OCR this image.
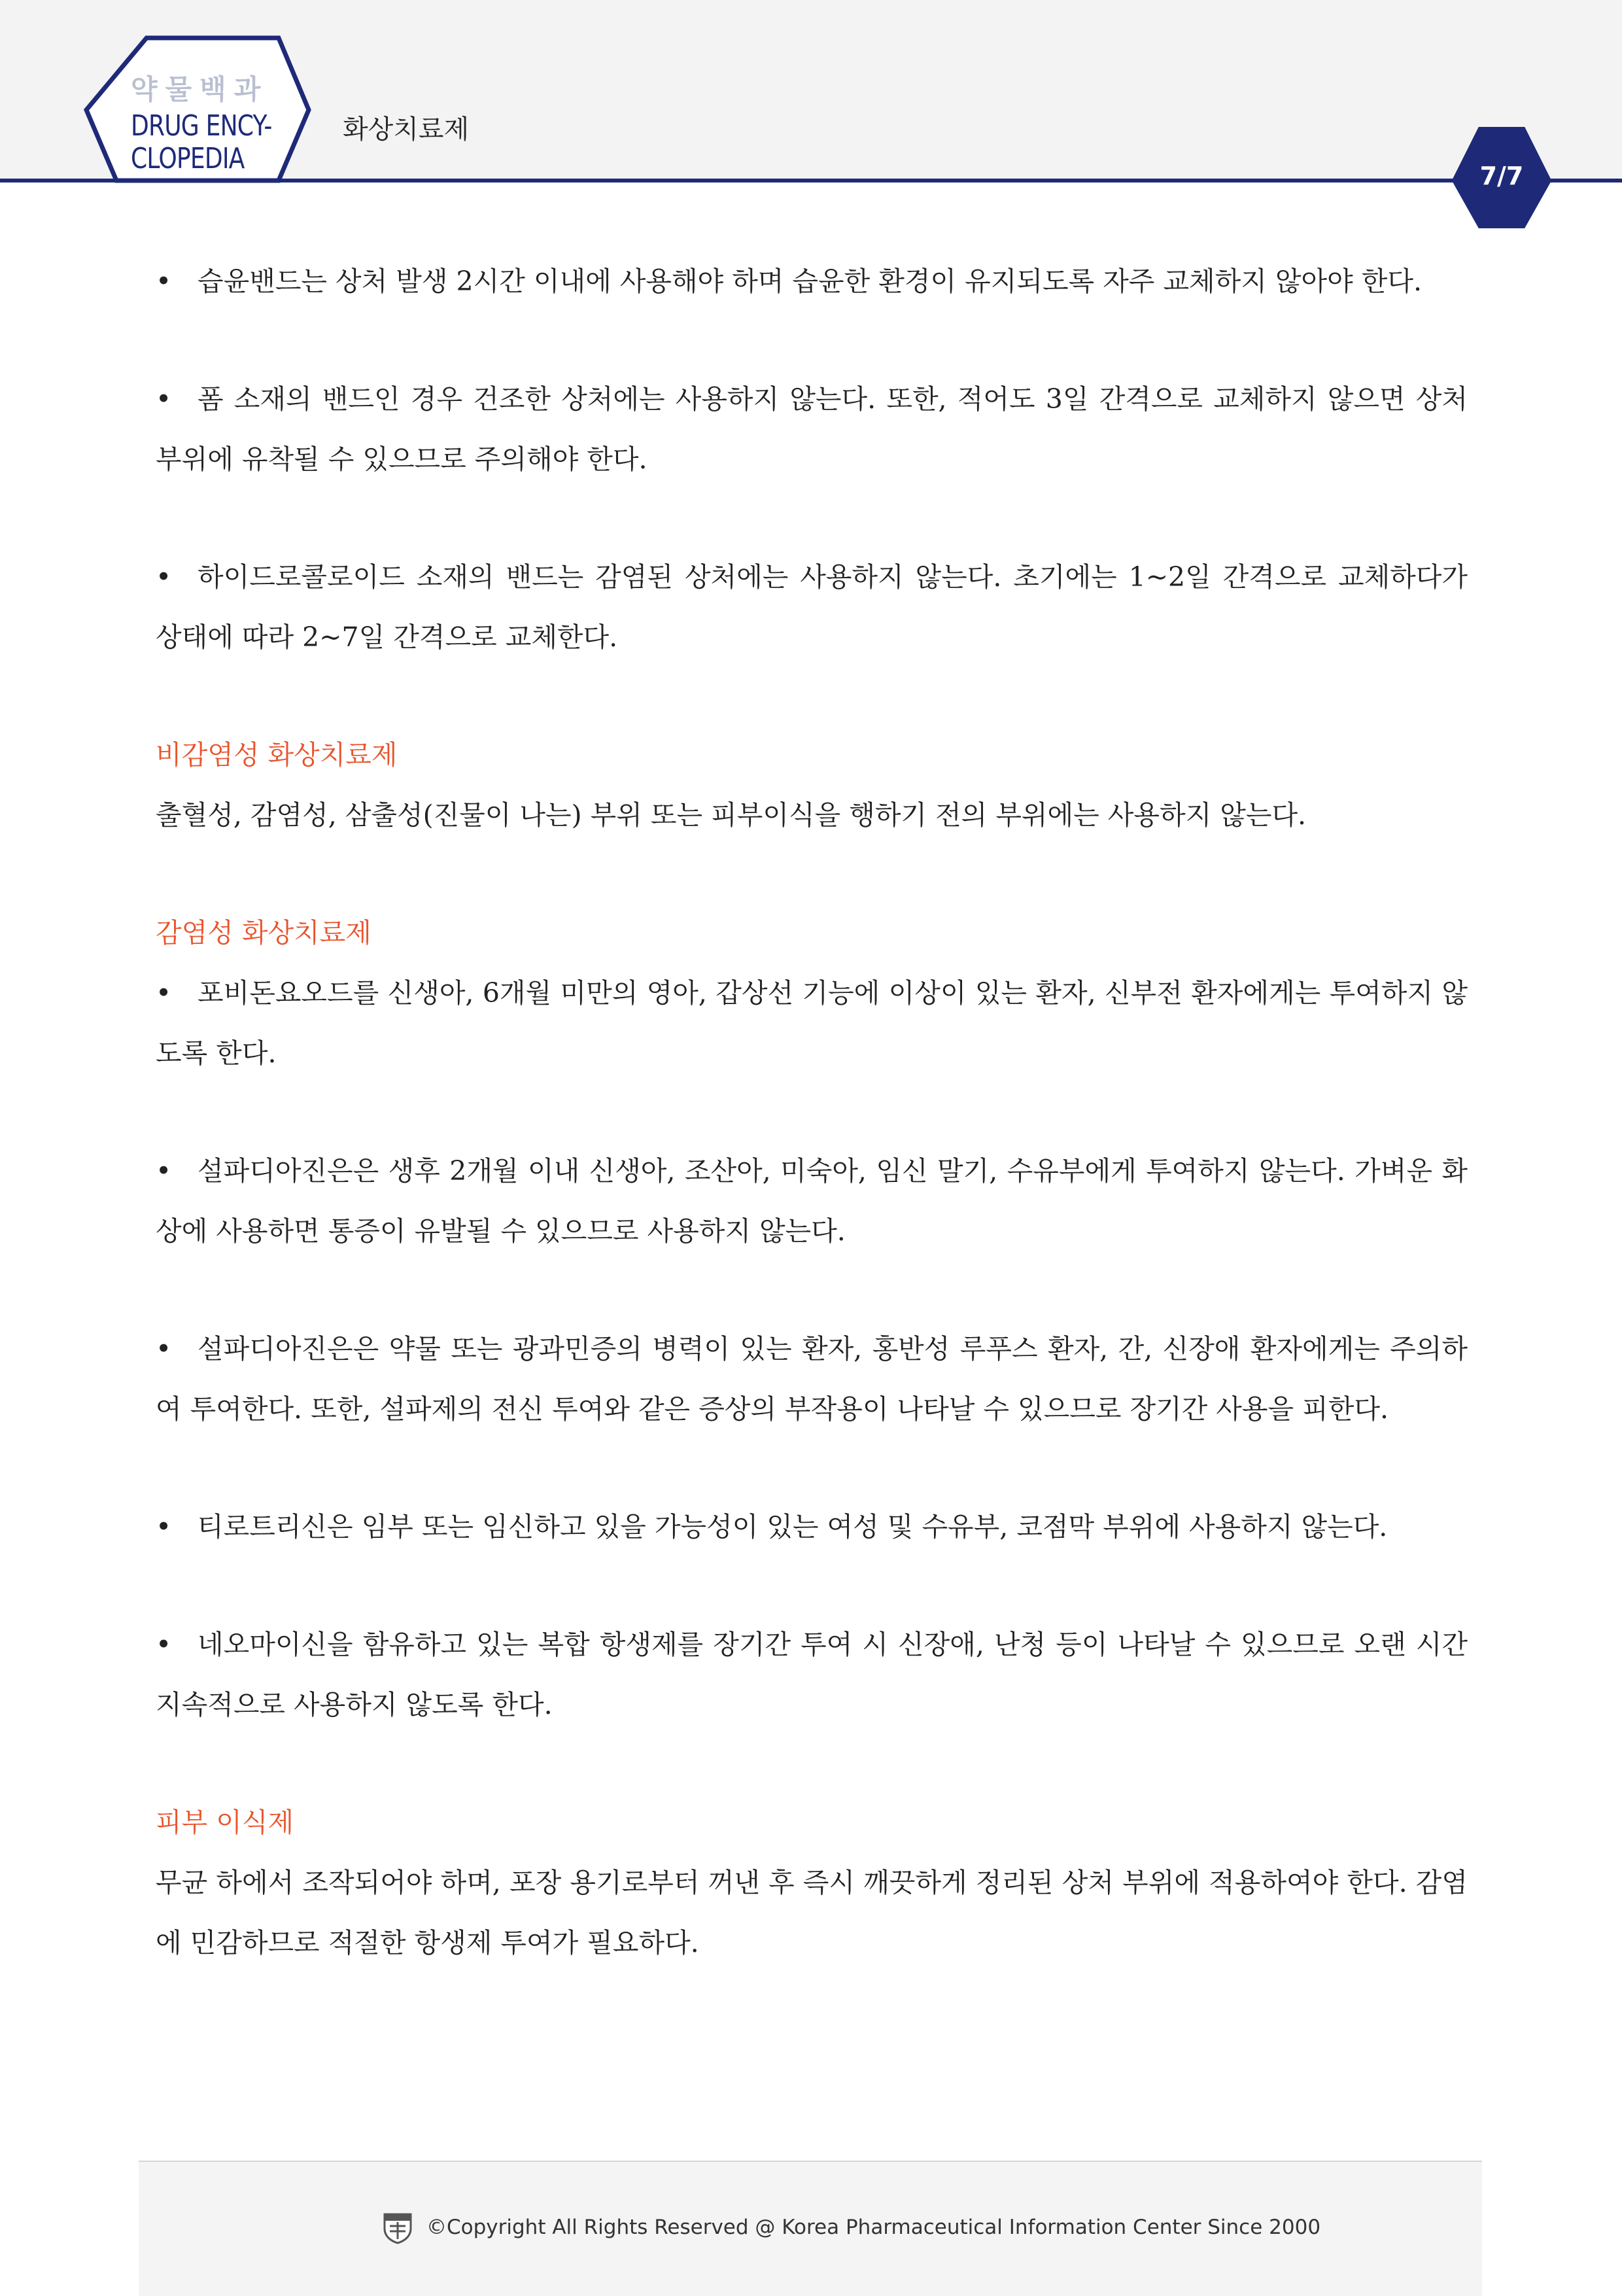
약물백과
DRUG ENCY-
CLOPEDIA
화상치료제
7/7
• 습윤밴드는 상처 발생 2시간 이내에 사용해야 하며 습윤한 환경이 유지되도록 자주 교체하지 않아야 한다.
• 폼 소재의 밴드인 경우 건조한 상처에는 사용하지 않는다. 또한, 적어도 3일 간격으로 교체하지 않으면 상처 부위에 유착될 수 있으므로 주의해야 한다.
• 하이드로콜로이드 소재의 밴드는 감염된 상처에는 사용하지 않는다. 초기에는 1~2일 간격으로 교체하다가 상태에 따라 2~7일 간격으로 교체한다.
비감염성 화상치료제
출혈성, 감염성, 삼출성(진물이 나는) 부위 또는 피부이식을 행하기 전의 부위에는 사용하지 않는다.
감염성 화상치료제
• 포비돈요오드를 신생아, 6개월 미만의 영아, 갑상선 기능에 이상이 있는 환자, 신부전 환자에게는 투여하지 않도록 한다.
• 설파디아진은은 생후 2개월 이내 신생아, 조산아, 미숙아, 임신 말기, 수유부에게 투여하지 않는다. 가벼운 화상에 사용하면 통증이 유발될 수 있으므로 사용하지 않는다.
• 설파디아진은은 약물 또는 광과민증의 병력이 있는 환자, 홍반성 루푸스 환자, 간, 신장애 환자에게는 주의하여 투여한다. 또한, 설파제의 전신 투여와 같은 증상의 부작용이 나타날 수 있으므로 장기간 사용을 피한다.
• 티로트리신은 임부 또는 임신하고 있을 가능성이 있는 여성 및 수유부, 코점막 부위에 사용하지 않는다.
• 네오마이신을 함유하고 있는 복합 항생제를 장기간 투여 시 신장애, 난청 등이 나타날 수 있으므로 오랜 시간 지속적으로 사용하지 않도록 한다.
피부 이식제
무균 하에서 조작되어야 하며, 포장 용기로부터 꺼낸 후 즉시 깨끗하게 정리된 상처 부위에 적용하여야 한다. 감염에 민감하므로 적절한 항생제 투여가 필요하다.
©Copyright All Rights Reserved @ Korea Pharmaceutical Information Center Since 2000
